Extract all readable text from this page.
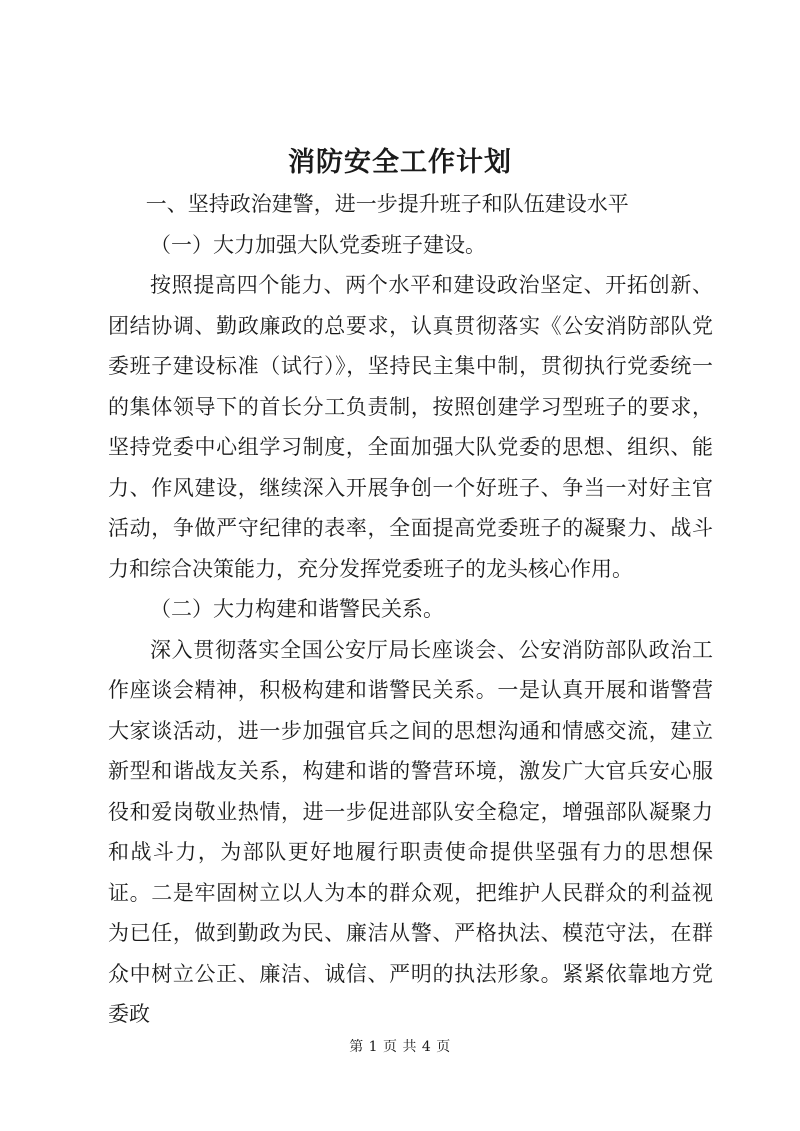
消防安全工作计划

一、坚持政治建警，进一步提升班子和队伍建设水平

（一）大力加强大队党委班子建设。

按照提高四个能力、两个水平和建设政治坚定、开拓创新、团结协调、勤政廉政的总要求，认真贯彻落实《公安消防部队党委班子建设标准（试行）》，坚持民主集中制，贯彻执行党委统一的集体领导下的首长分工负责制，按照创建学习型班子的要求，坚持党委中心组学习制度，全面加强大队党委的思想、组织、能力、作风建设，继续深入开展争创一个好班子、争当一对好主官活动，争做严守纪律的表率，全面提高党委班子的凝聚力、战斗力和综合决策能力，充分发挥党委班子的龙头核心作用。

（二）大力构建和谐警民关系。

深入贯彻落实全国公安厅局长座谈会、公安消防部队政治工作座谈会精神，积极构建和谐警民关系。一是认真开展和谐警营大家谈活动，进一步加强官兵之间的思想沟通和情感交流，建立新型和谐战友关系，构建和谐的警营环境，激发广大官兵安心服役和爱岗敬业热情，进一步促进部队安全稳定，增强部队凝聚力和战斗力，为部队更好地履行职责使命提供坚强有力的思想保证。二是牢固树立以人为本的群众观，把维护人民群众的利益视为已任，做到勤政为民、廉洁从警、严格执法、模范守法，在群众中树立公正、廉洁、诚信、严明的执法形象。紧紧依靠地方党委政

第 1 页 共 4 页
